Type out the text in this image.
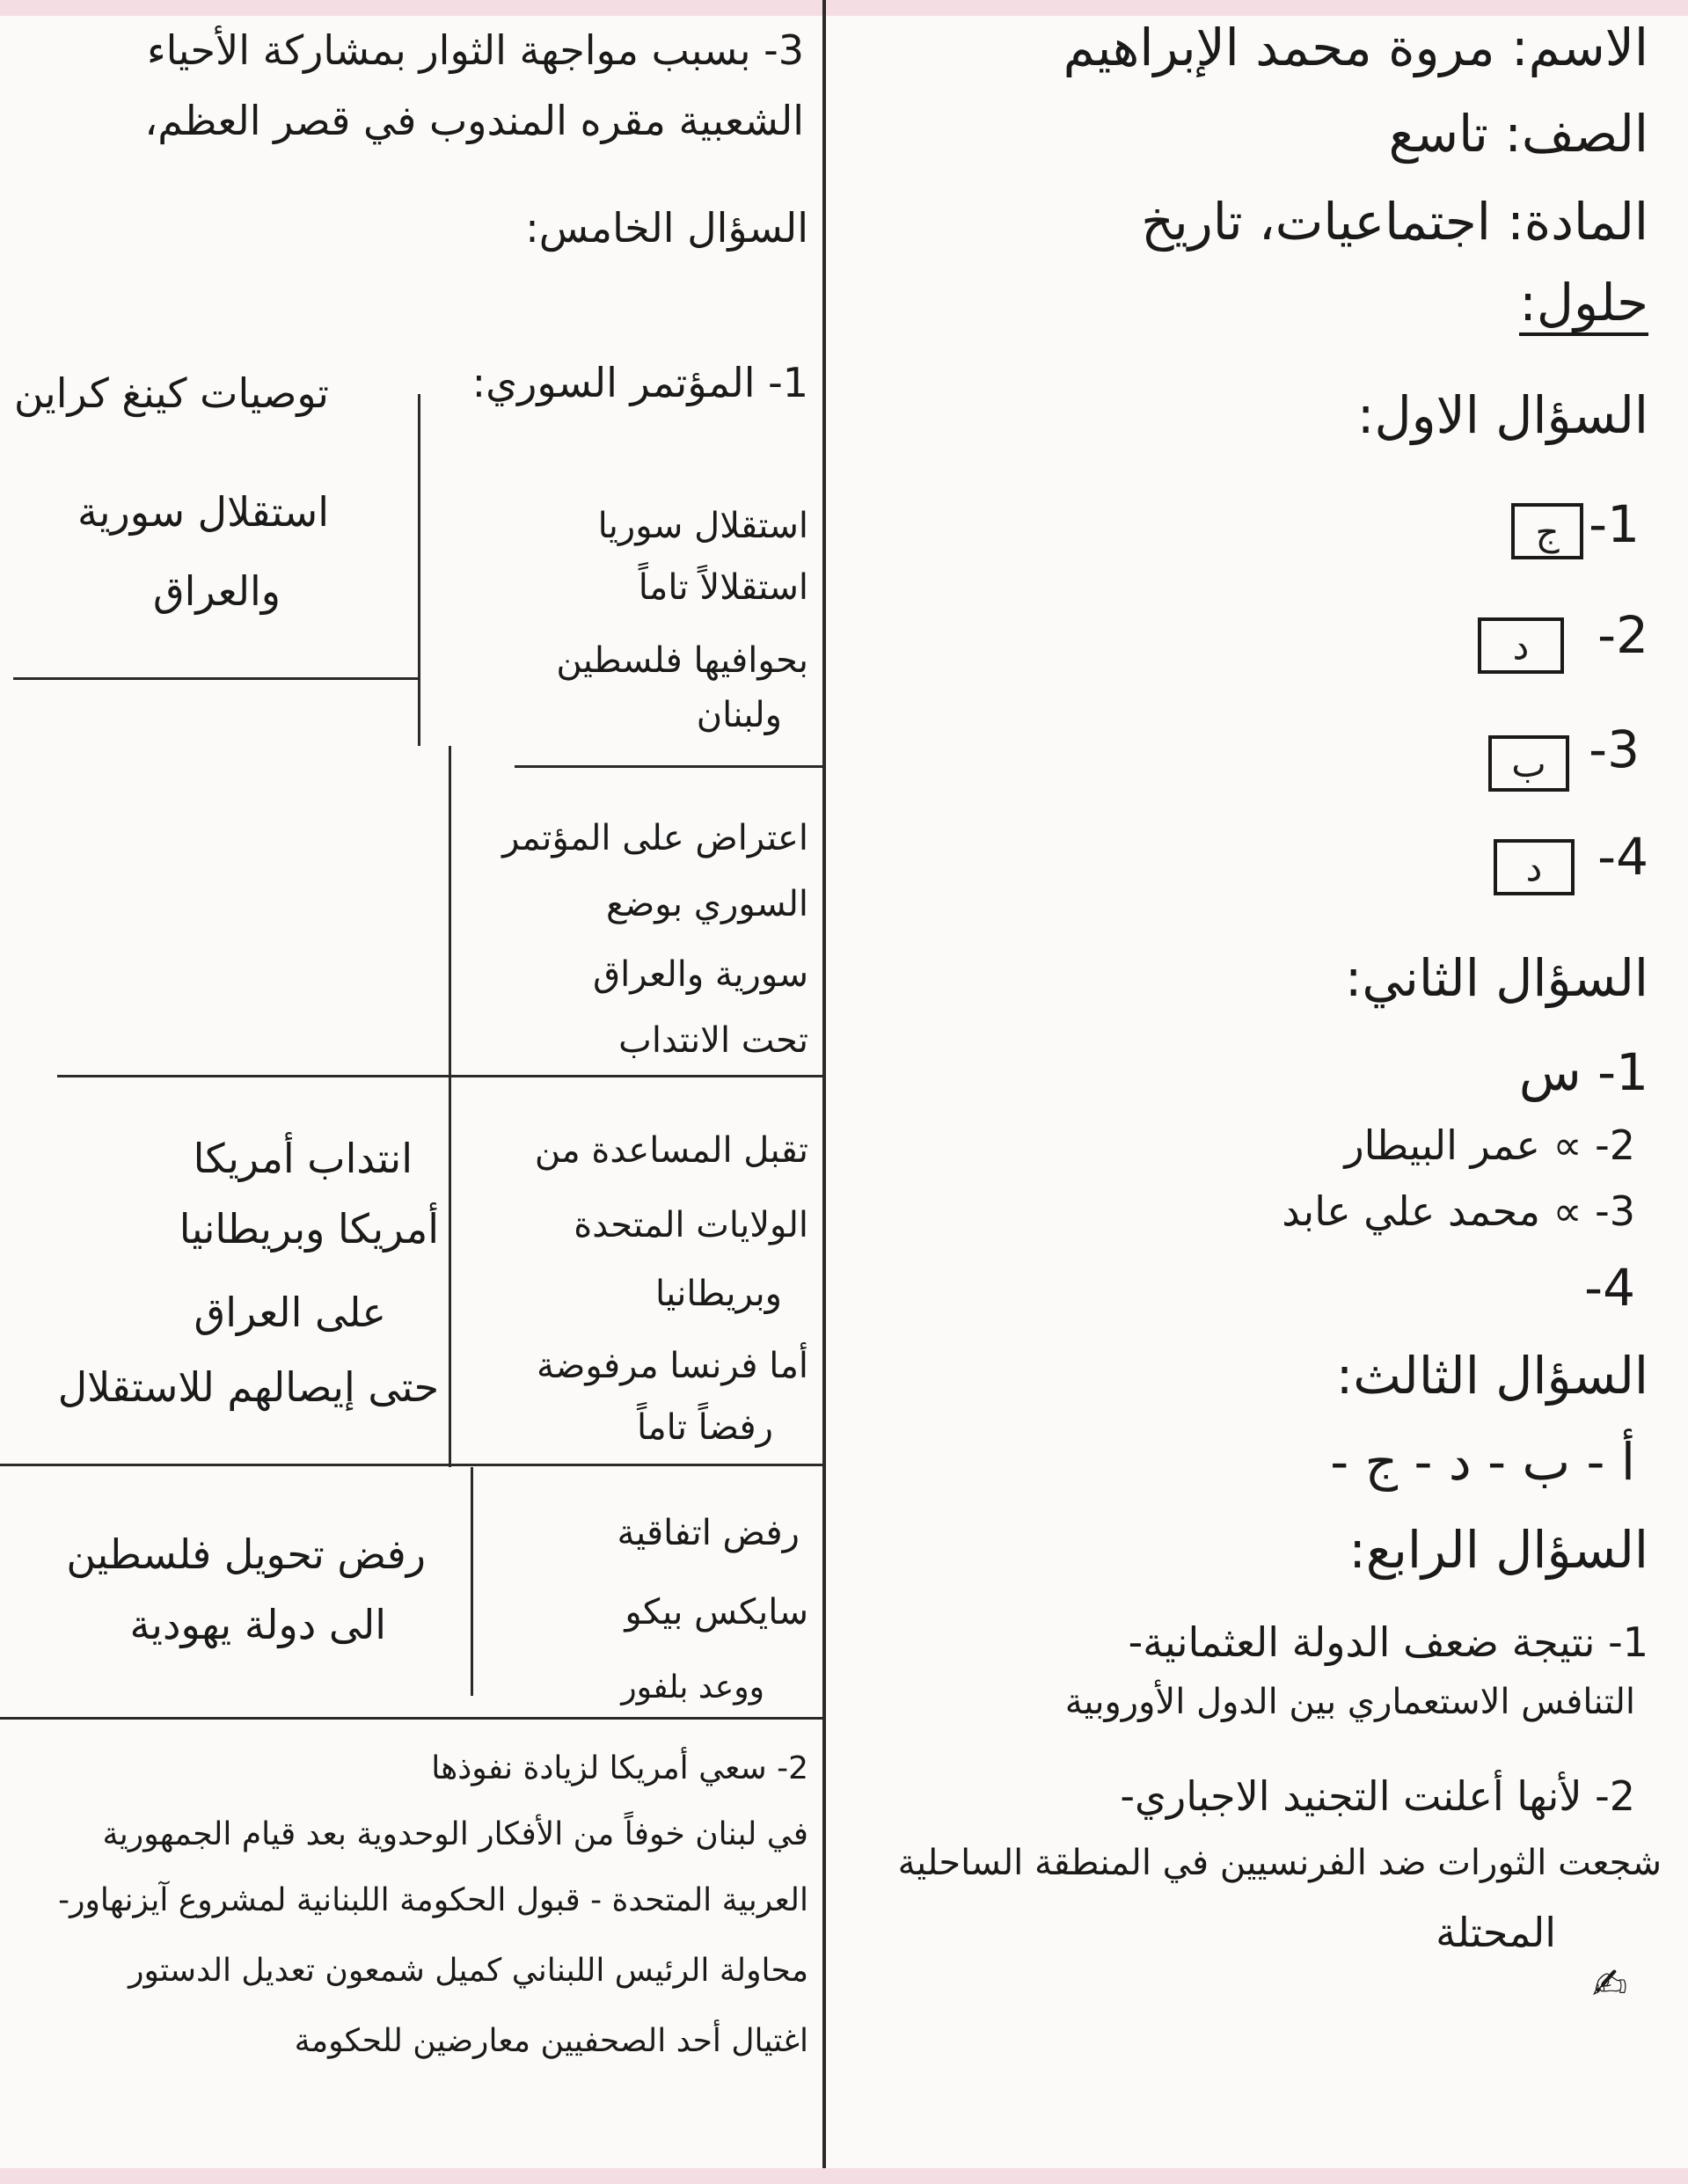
الاسم: مروة محمد الإبراهيم
الصف: تاسع
المادة: اجتماعيات، تاريخ
حلول:
السؤال الاول:
1-
ج
2-
د
3-
ب
4-
د
السؤال الثاني:
1- س
2- ∝ عمر البيطار
3- ∝ محمد علي عابد
4-
السؤال الثالث:
أ - ب - د - ج -
السؤال الرابع:
1- نتيجة ضعف الدولة العثمانية-
التنافس الاستعماري بين الدول الأوروبية
2- لأنها أعلنت التجنيد الاجباري-
شجعت الثورات ضد الفرنسيين في المنطقة الساحلية
المحتلة
✍
3- بسبب مواجهة الثوار بمشاركة الأحياء
الشعبية مقره المندوب في قصر العظم،
السؤال الخامس:
1- المؤتمر السوري:
توصيات كينغ كراين
استقلال سوريا
استقلالاً تاماً
بحوافيها فلسطين
ولبنان
استقلال سورية
والعراق
اعتراض على المؤتمر
السوري بوضع
سورية والعراق
تحت الانتداب
تقبل المساعدة من
الولايات المتحدة
وبريطانيا
أما فرنسا مرفوضة
رفضاً تاماً
انتداب أمريكا
أمريكا وبريطانيا
على العراق
حتى إيصالهم للاستقلال
رفض اتفاقية
سايكس بيكو
ووعد بلفور
رفض تحويل فلسطين
الى دولة يهودية
2- سعي أمريكا لزيادة نفوذها
في لبنان خوفاً من الأفكار الوحدوية بعد قيام الجمهورية
العربية المتحدة - قبول الحكومة اللبنانية لمشروع آيزنهاور-
محاولة الرئيس اللبناني كميل شمعون تعديل الدستور
اغتيال أحد الصحفيين معارضين للحكومة
